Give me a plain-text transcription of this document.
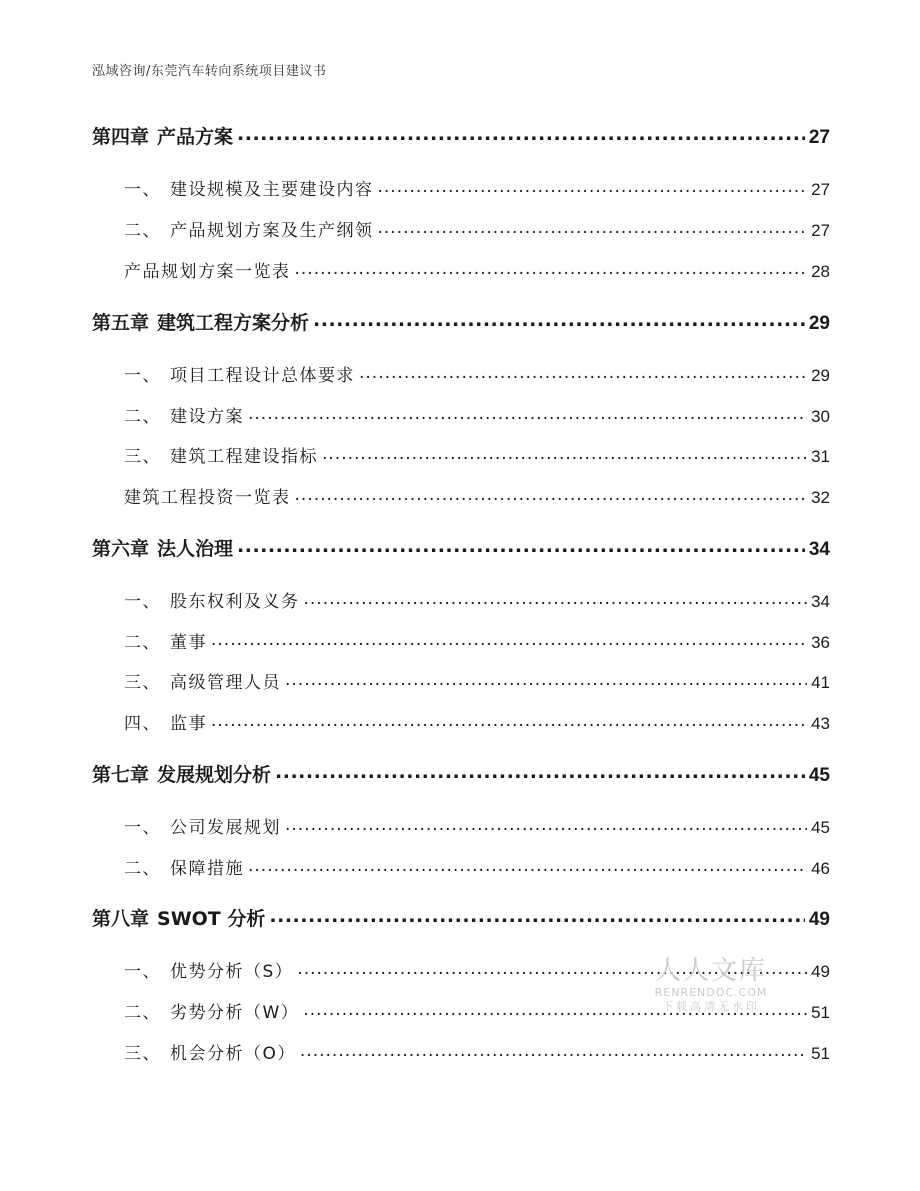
泓域咨询/东莞汽车转向系统项目建议书
第四章 产品方案 .....	27
一、 建设规模及主要建设内容 .....	27
二、 产品规划方案及生产纲领 .....	27
产品规划方案一览表 .....	28
第五章 建筑工程方案分析 .....	29
一、 项目工程设计总体要求 .....	29
二、 建设方案 .....	30
三、 建筑工程建设指标 .....	31
建筑工程投资一览表 .....	32
第六章 法人治理 .....	34
一、 股东权利及义务 .....	34
二、 董事 .....	36
三、 高级管理人员 .....	41
四、 监事 .....	43
第七章 发展规划分析 .....	45
一、 公司发展规划 .....	45
二、 保障措施 .....	46
第八章 SWOT 分析 .....	49
一、 优势分析（S） .....	49
二、 劣势分析（W） .....	51
三、 机会分析（O） .....	51
人人文库
RENRENDOC.COM
下载高清无水印
